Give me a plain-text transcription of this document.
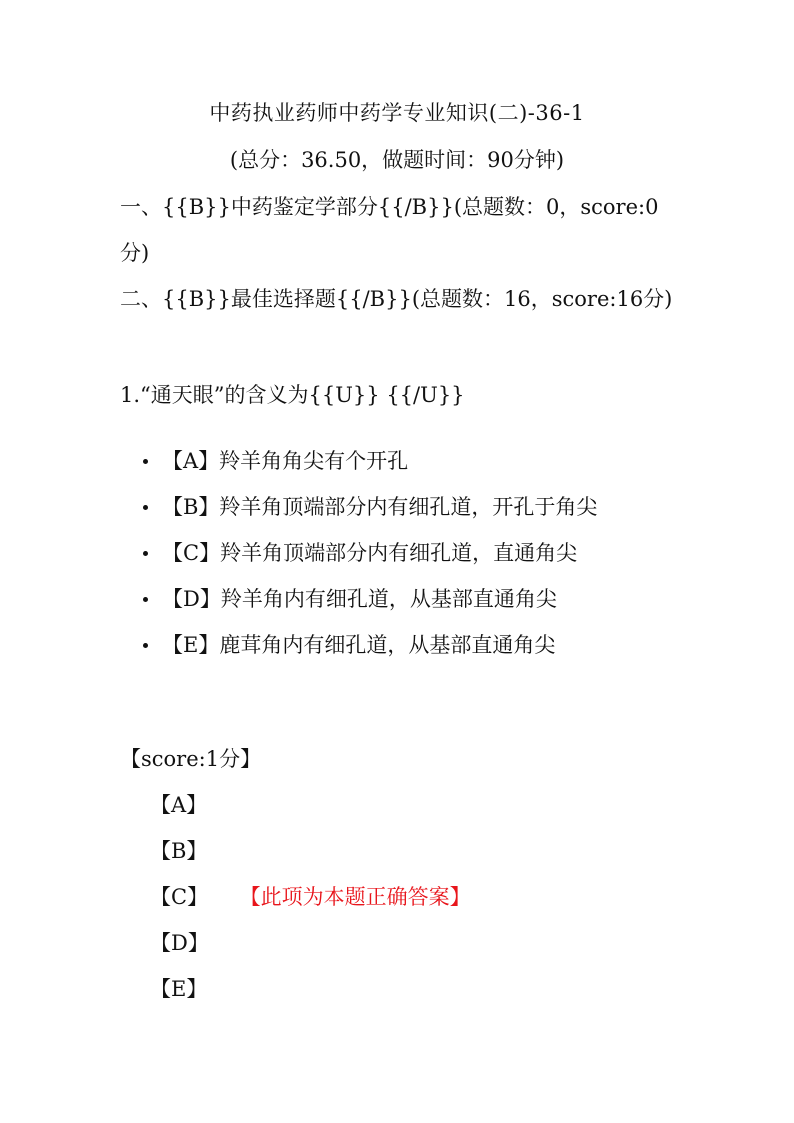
中药执业药师中药学专业知识(二)-36-1
(总分：36.50，做题时间：90分钟)
一、{{B}}中药鉴定学部分{{/B}}(总题数：0，score:0分)
二、{{B}}最佳选择题{{/B}}(总题数：16，score:16分)
1.“通天眼”的含义为{{U}} {{/U}}
【A】羚羊角角尖有个开孔
【B】羚羊角顶端部分内有细孔道，开孔于角尖
【C】羚羊角顶端部分内有细孔道，直通角尖
【D】羚羊角内有细孔道，从基部直通角尖
【E】鹿茸角内有细孔道，从基部直通角尖
【score:1分】
【A】
【B】
【C】 【此项为本题正确答案】
【D】
【E】
